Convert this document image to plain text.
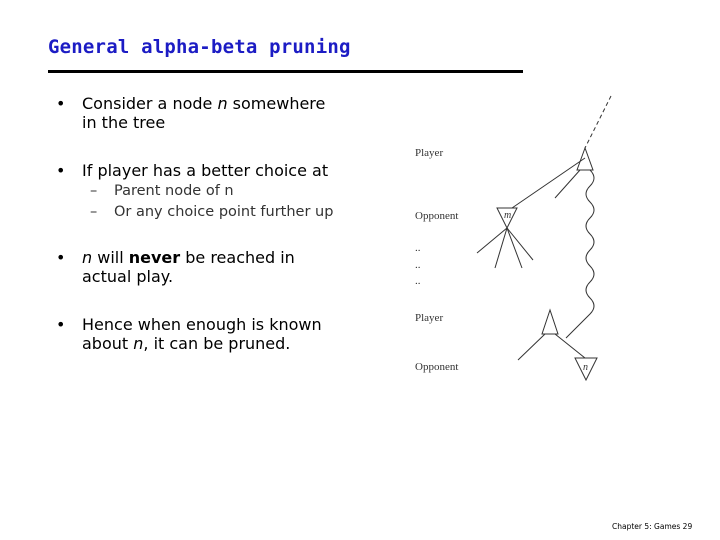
General alpha-beta pruning
• Consider a node n somewhere
in the tree
• If player has a better choice at
– Parent node of n
– Or any choice point further up
• n will never be reached in
actual play.
• Hence when enough is known
about n, it can be pruned.
Player
Opponent
..
..
..
Player
Opponent
m
n
Chapter 5: Games 29
